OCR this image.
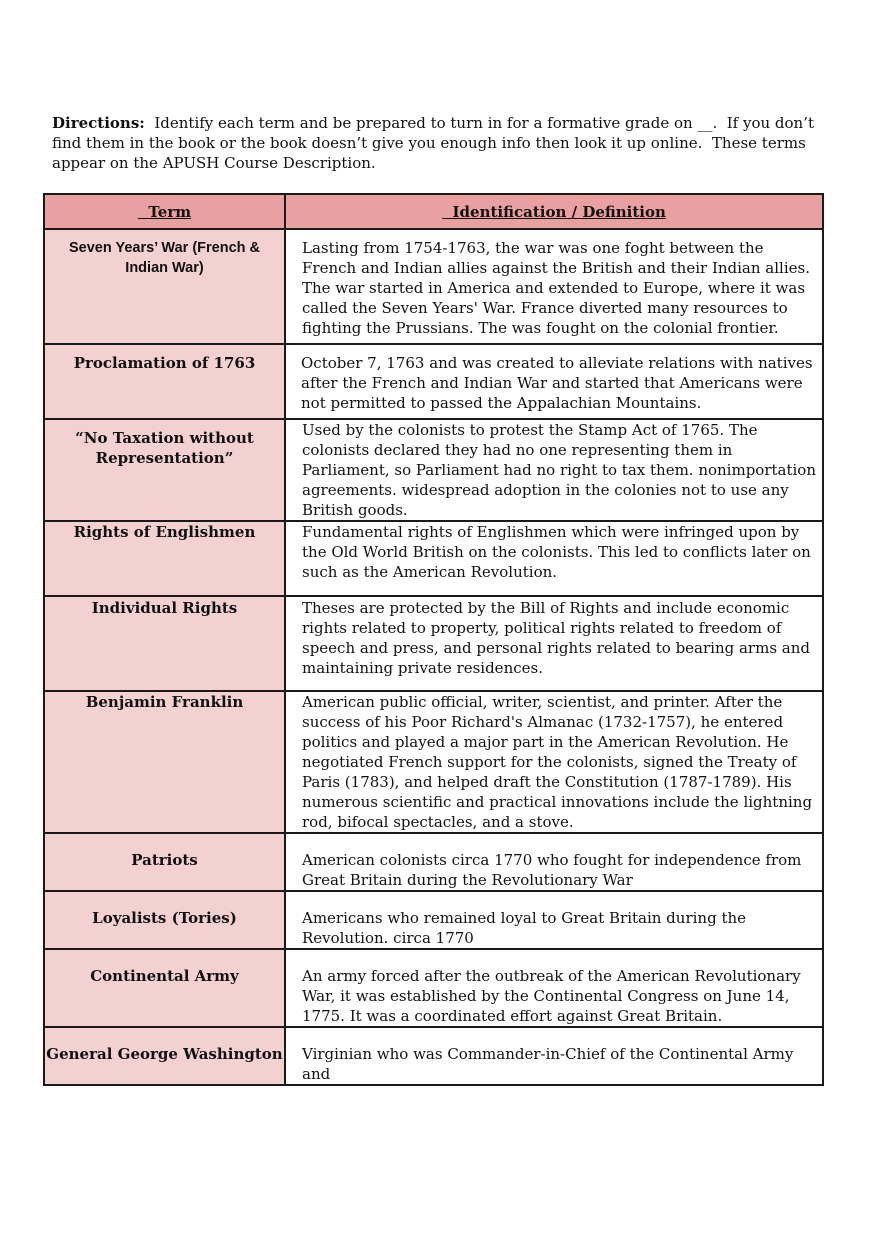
Directions:  Identify each term and be prepared to turn in for a formative grade on __.  If you don’t find them in the book or the book doesn’t give you enough info then look it up online.  These terms appear on the APUSH Course Description.
Term	Identification / Definition
Seven Years’ War (French & Indian War)	Lasting from 1754-1763, the war was one foght between the French and Indian allies against the British and their Indian allies. The war started in America and extended to Europe, where it was called the Seven Years' War. France diverted many resources to fighting the Prussians. The was fought on the colonial frontier.
Proclamation of 1763	October 7, 1763 and was created to alleviate relations with natives after the French and Indian War and started that Americans were not permitted to passed the Appalachian Mountains.
“No Taxation without Representation”	Used by the colonists to protest the Stamp Act of 1765. The colonists declared they had no one representing them in Parliament, so Parliament had no right to tax them. nonimportation agreements. widespread adoption in the colonies not to use any British goods.
Rights of Englishmen	Fundamental rights of Englishmen which were infringed upon by the Old World British on the colonists. This led to conflicts later on such as the American Revolution.
Individual Rights	Theses are protected by the Bill of Rights and include economic rights related to property, political rights related to freedom of speech and press, and personal rights related to bearing arms and maintaining private residences.
Benjamin Franklin	American public official, writer, scientist, and printer. After the success of his Poor Richard's Almanac (1732-1757), he entered politics and played a major part in the American Revolution. He negotiated French support for the colonists, signed the Treaty of Paris (1783), and helped draft the Constitution (1787-1789). His numerous scientific and practical innovations include the lightning rod, bifocal spectacles, and a stove.
Patriots	American colonists circa 1770 who fought for independence from Great Britain during the Revolutionary War
Loyalists (Tories)	Americans who remained loyal to Great Britain during the Revolution. circa 1770
Continental Army	An army forced after the outbreak of the American Revolutionary War, it was established by the Continental Congress on June 14, 1775. It was a coordinated effort against Great Britain.
General George Washington	Virginian who was Commander-in-Chief of the Continental Army and
